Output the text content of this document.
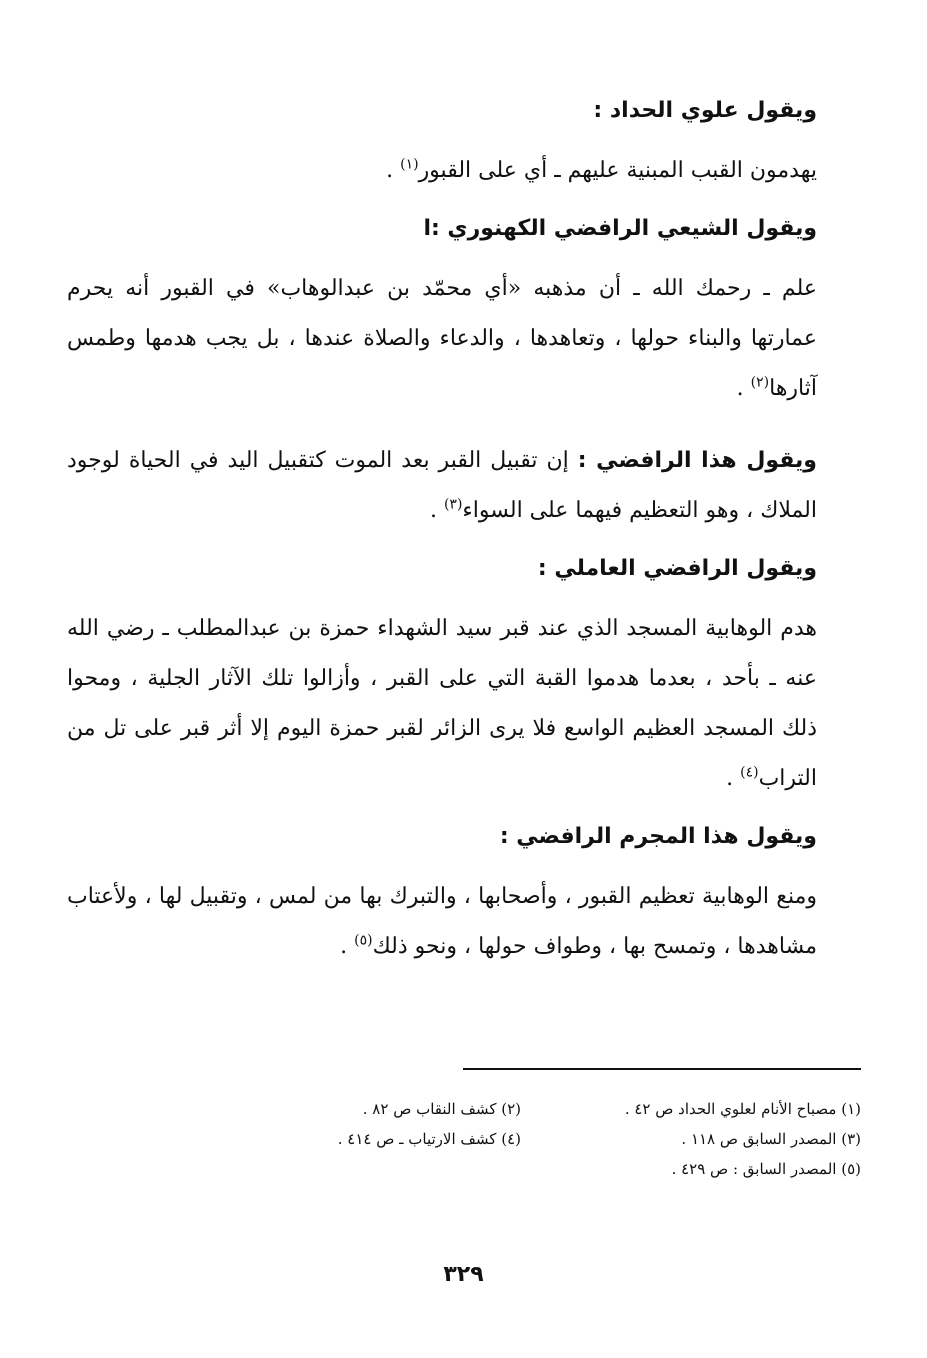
ويقول علوي الحداد :

يهدمون القبب المبنية عليهم ـ أي على القبور$^{(١)}$ .

ويقول الشيعي الرافضي الكهنوري :ا

علم ـ رحمك الله ـ أن مذهبه «أي محمّد بن عبدالوهاب» في القبور أنه يحرم عمارتها والبناء حولها ، وتعاهدها ، والدعاء والصلاة عندها ، بل يجب هدمها وطمس آثارها$^{(٢)}$ .

ويقول هذا الرافضي : إن تقبيل القبر بعد الموت كتقبيل اليد في الحياة لوجود الملاك ، وهو التعظيم فيهما على السواء$^{(٣)}$ .

ويقول الرافضي العاملي :

هدم الوهابية المسجد الذي عند قبر سيد الشهداء حمزة بن عبدالمطلب ـ رضي الله عنه ـ بأحد ، بعدما هدموا القبة التي على القبر ، وأزالوا تلك الآثار الجلية ، ومحوا ذلك المسجد العظيم الواسع فلا يرى الزائر لقبر حمزة اليوم إلا أثر قبر على تل من التراب$^{(٤)}$ .

ويقول هذا المجرم الرافضي :

ومنع الوهابية تعظيم القبور ، وأصحابها ، والتبرك بها من لمس ، وتقبيل لها ، ولأعتاب مشاهدها ، وتمسح بها ، وطواف حولها ، ونحو ذلك$^{(٥)}$ .

(١) مصباح الأنام لعلوي الحداد ص ٤٢ .
(٢) كشف النقاب ص ٨٢ .
(٣) المصدر السابق ص ١١٨ .
(٤) كشف الارتياب ـ ص ٤١٤ .
(٥) المصدر السابق : ص ٤٢٩ .
٣٢٩
